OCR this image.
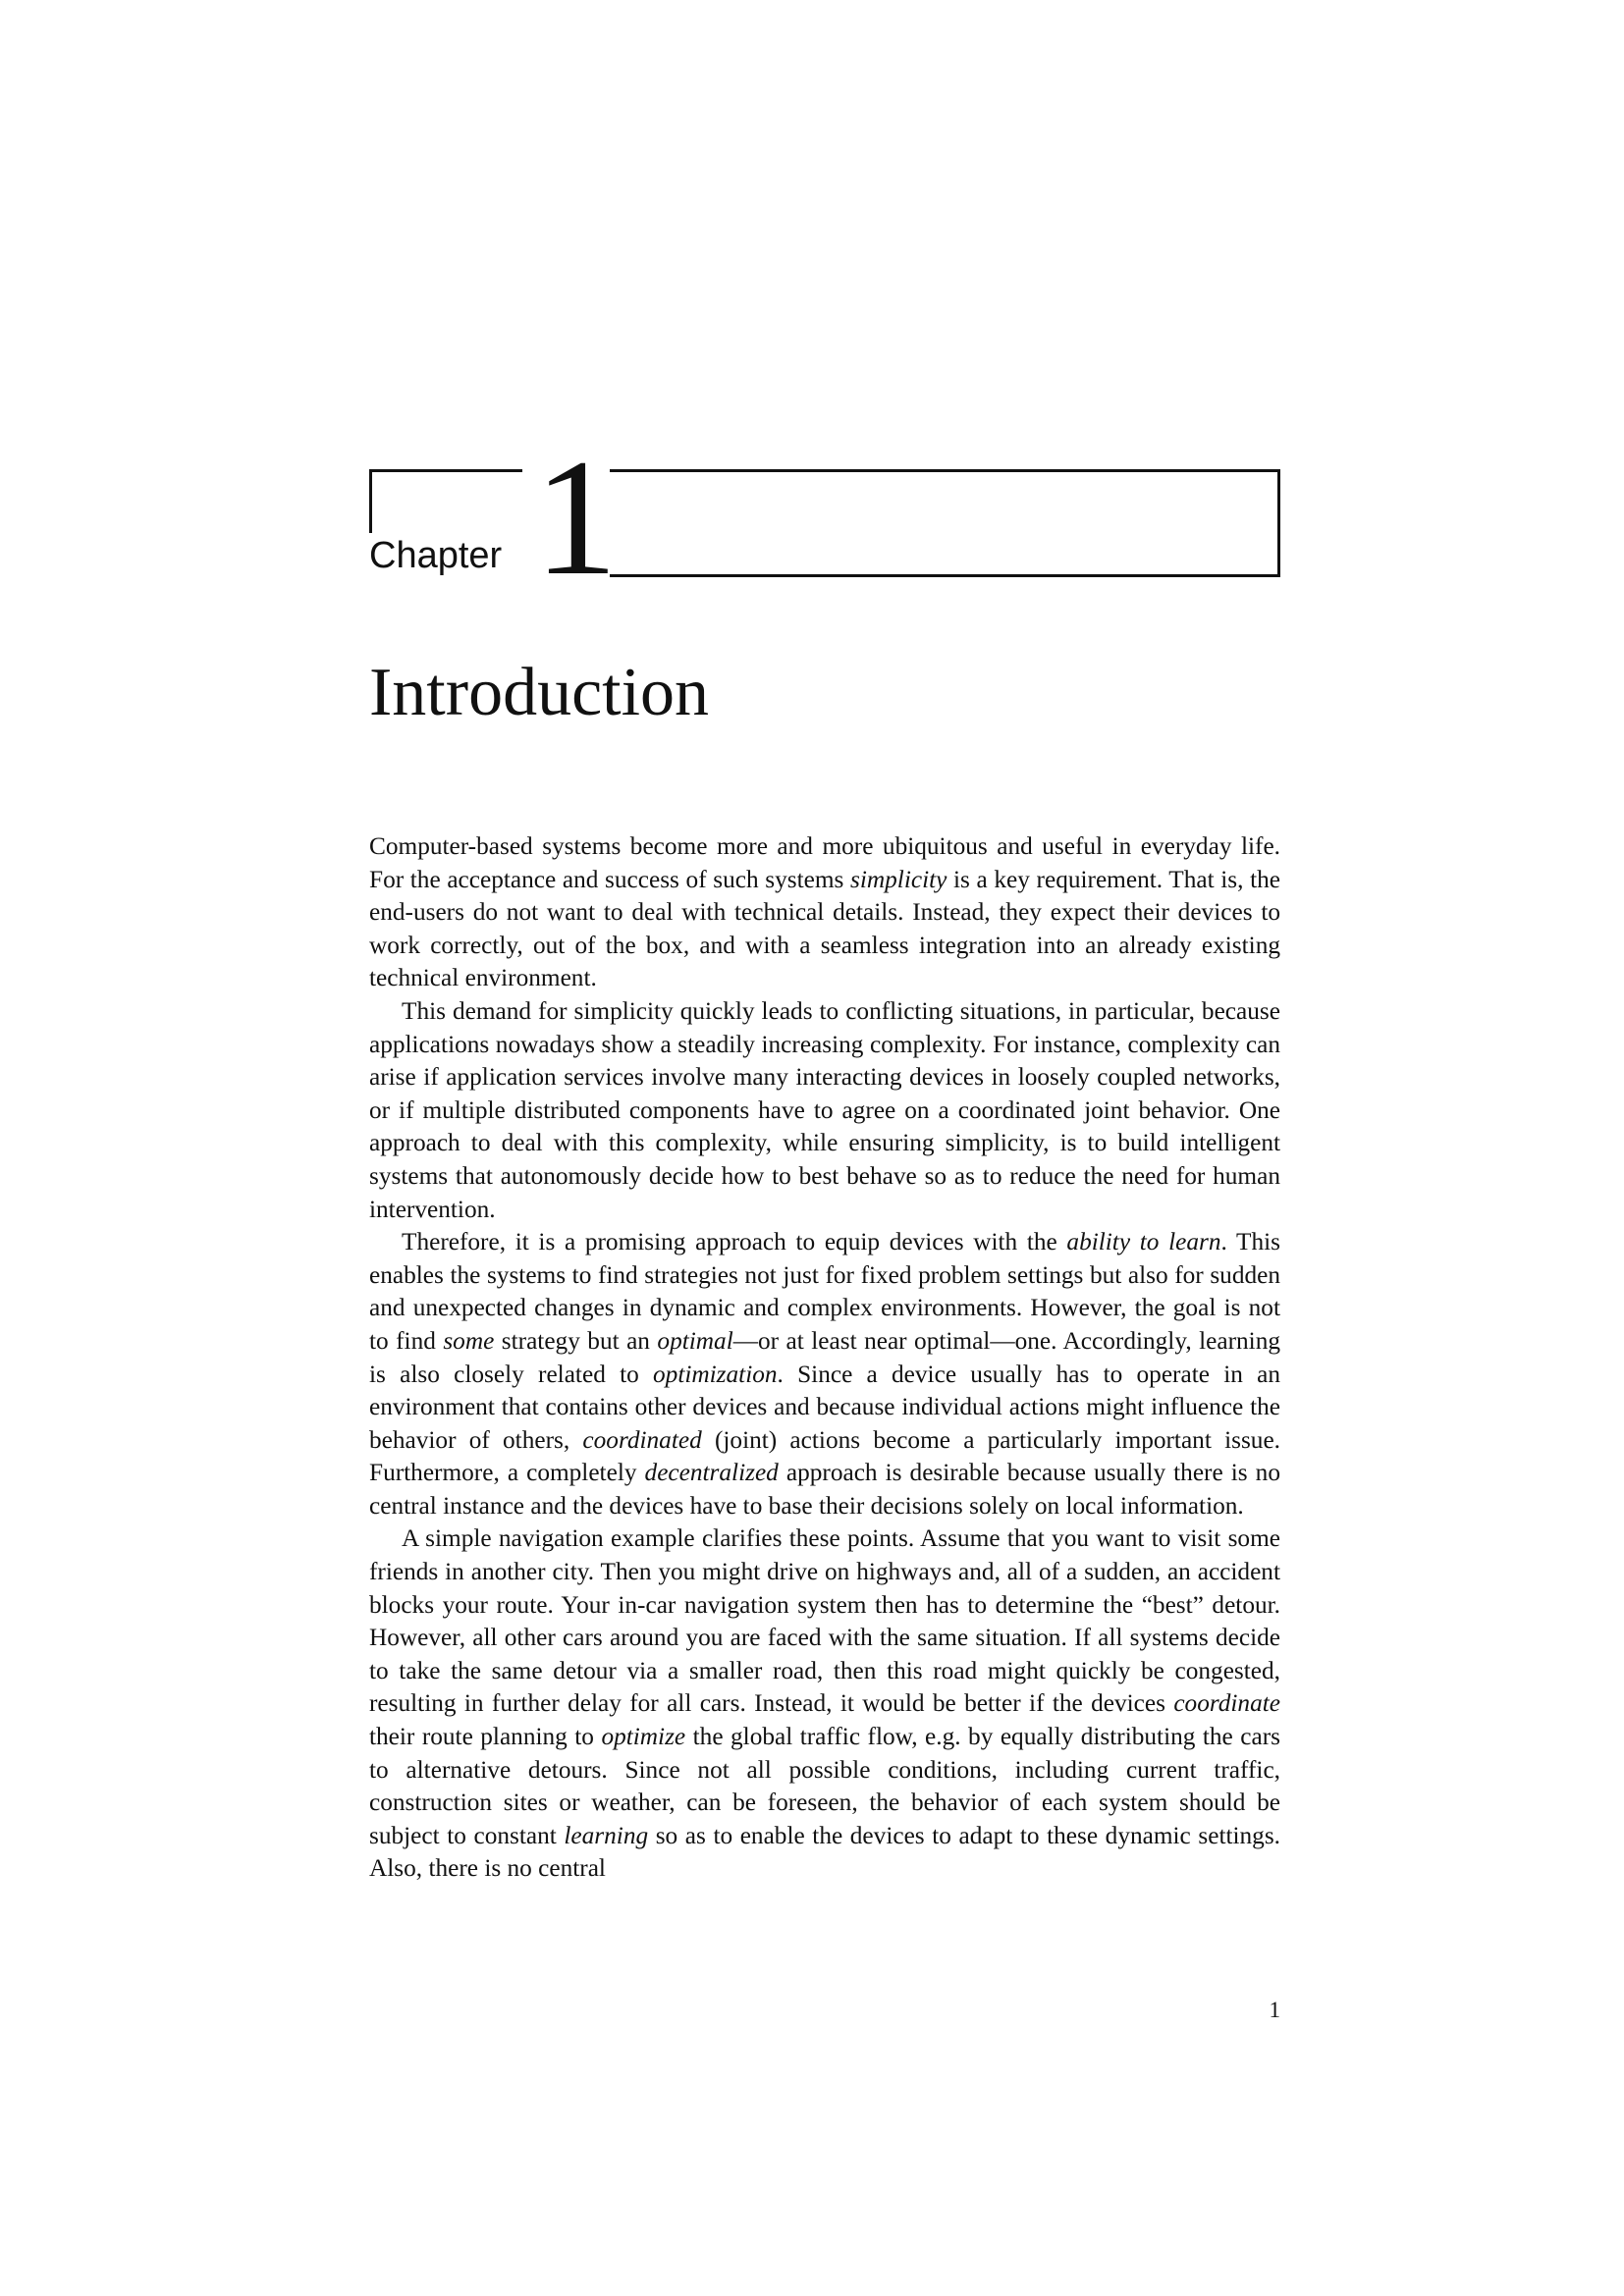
Chapter 1
Introduction

Computer-based systems become more and more ubiquitous and useful in everyday life. For the acceptance and success of such systems simplicity is a key requirement. That is, the end-users do not want to deal with technical details. Instead, they expect their devices to work correctly, out of the box, and with a seamless integration into an already existing technical environment.

This demand for simplicity quickly leads to conflicting situations, in particular, because applications nowadays show a steadily increasing complexity. For instance, complexity can arise if application services involve many interacting devices in loosely coupled networks, or if multiple distributed components have to agree on a coordinated joint behavior. One approach to deal with this complexity, while ensuring simplicity, is to build intelligent systems that autonomously decide how to best behave so as to reduce the need for human intervention.

Therefore, it is a promising approach to equip devices with the ability to learn. This enables the systems to find strategies not just for fixed problem settings but also for sudden and unexpected changes in dynamic and complex environments. However, the goal is not to find some strategy but an optimal—or at least near optimal—one. Accordingly, learning is also closely related to optimization. Since a device usually has to operate in an environment that contains other devices and because individual actions might influence the behavior of others, coordinated (joint) actions become a particularly important issue. Furthermore, a completely decentralized approach is desirable because usually there is no central instance and the devices have to base their decisions solely on local information.

A simple navigation example clarifies these points. Assume that you want to visit some friends in another city. Then you might drive on highways and, all of a sudden, an accident blocks your route. Your in-car navigation system then has to determine the “best” detour. However, all other cars around you are faced with the same situation. If all systems decide to take the same detour via a smaller road, then this road might quickly be congested, resulting in further delay for all cars. Instead, it would be better if the devices coordinate their route planning to optimize the global traffic flow, e.g. by equally distributing the cars to alternative detours. Since not all possible conditions, including current traffic, construction sites or weather, can be foreseen, the behavior of each system should be subject to constant learning so as to enable the devices to adapt to these dynamic settings. Also, there is no central

1
